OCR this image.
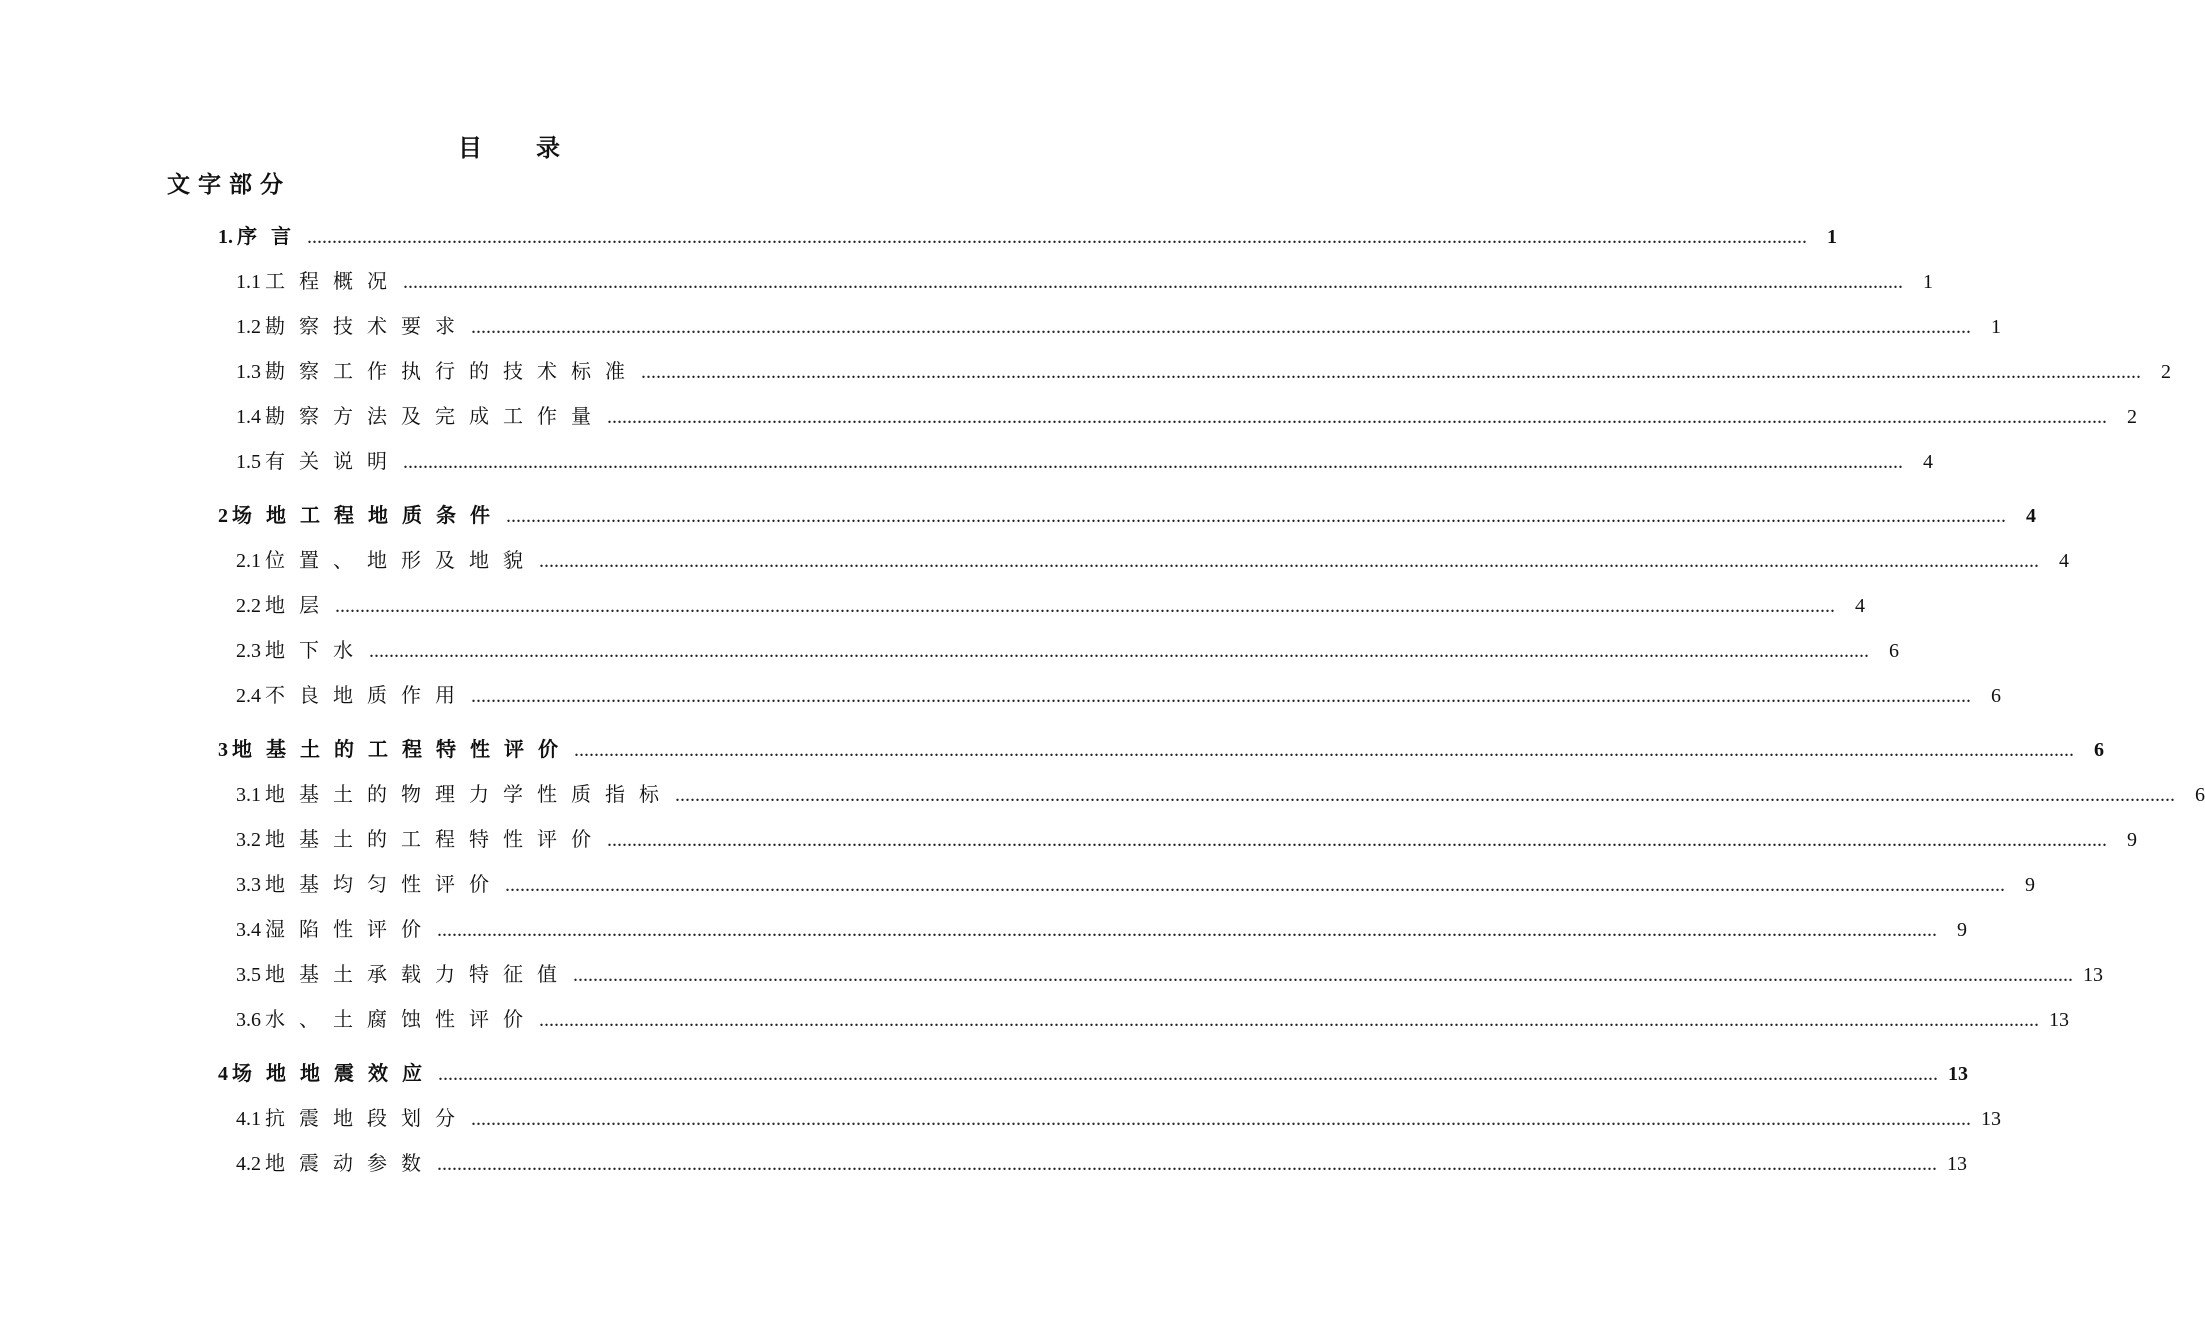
目　　录
文字部分
1. 序言 ............................................................................................................................................................................................................................................................................................................	1
1.1 工程概况 ............................................................................................................................................................................................................................................................................................................	1
1.2 勘察技术要求 ............................................................................................................................................................................................................................................................................................................	1
1.3 勘察工作执行的技术标准 ............................................................................................................................................................................................................................................................................................................	2
1.4 勘察方法及完成工作量 ............................................................................................................................................................................................................................................................................................................	2
1.5 有关说明 ............................................................................................................................................................................................................................................................................................................	4
2 场地工程地质条件 ............................................................................................................................................................................................................................................................................................................	4
2.1 位置、地形及地貌 ............................................................................................................................................................................................................................................................................................................	4
2.2 地层 ............................................................................................................................................................................................................................................................................................................	4
2.3 地下水 ............................................................................................................................................................................................................................................................................................................	6
2.4 不良地质作用 ............................................................................................................................................................................................................................................................................................................	6
3 地基土的工程特性评价 ............................................................................................................................................................................................................................................................................................................	6
3.1 地基土的物理力学性质指标 ............................................................................................................................................................................................................................................................................................................	6
3.2 地基土的工程特性评价 ............................................................................................................................................................................................................................................................................................................	9
3.3 地基均匀性评价 ............................................................................................................................................................................................................................................................................................................	9
3.4 湿陷性评价 ............................................................................................................................................................................................................................................................................................................	9
3.5 地基土承载力特征值 ............................................................................................................................................................................................................................................................................................................ 13
3.6 水、土腐蚀性评价 ............................................................................................................................................................................................................................................................................................................ 13
4 场地地震效应 ............................................................................................................................................................................................................................................................................................................ 13
4.1 抗震地段划分 ............................................................................................................................................................................................................................................................................................................ 13
4.2 地震动参数 ............................................................................................................................................................................................................................................................................................................ 13
